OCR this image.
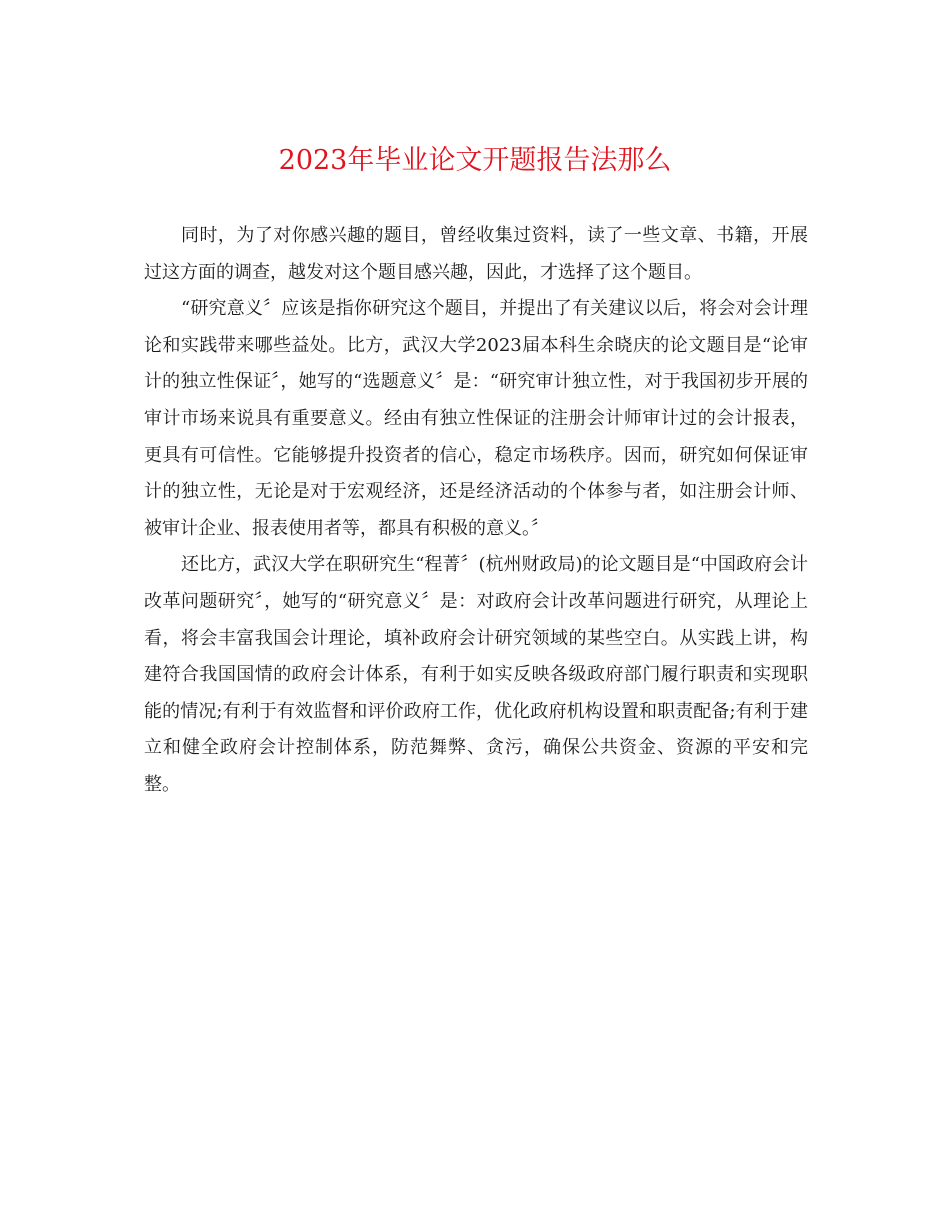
2023年毕业论文开题报告法那么

同时，为了对你感兴趣的题目，曾经收集过资料，读了一些文章、书籍，开展过这方面的调查，越发对这个题目感兴趣，因此，才选择了这个题目。

“研究意义〞应该是指你研究这个题目，并提出了有关建议以后，将会对会计理论和实践带来哪些益处。比方，武汉大学2023届本科生余晓庆的论文题目是“论审计的独立性保证〞，她写的“选题意义〞是：“研究审计独立性，对于我国初步开展的审计市场来说具有重要意义。经由有独立性保证的注册会计师审计过的会计报表，更具有可信性。它能够提升投资者的信心，稳定市场秩序。因而，研究如何保证审计的独立性，无论是对于宏观经济，还是经济活动的个体参与者，如注册会计师、被审计企业、报表使用者等，都具有积极的意义。〞

还比方，武汉大学在职研究生“程菁〞(杭州财政局)的论文题目是“中国政府会计改革问题研究〞，她写的“研究意义〞是：对政府会计改革问题进行研究，从理论上看，将会丰富我国会计理论，填补政府会计研究领域的某些空白。从实践上讲，构建符合我国国情的政府会计体系，有利于如实反映各级政府部门履行职责和实现职能的情况;有利于有效监督和评价政府工作，优化政府机构设置和职责配备;有利于建立和健全政府会计控制体系，防范舞弊、贪污，确保公共资金、资源的平安和完整。
